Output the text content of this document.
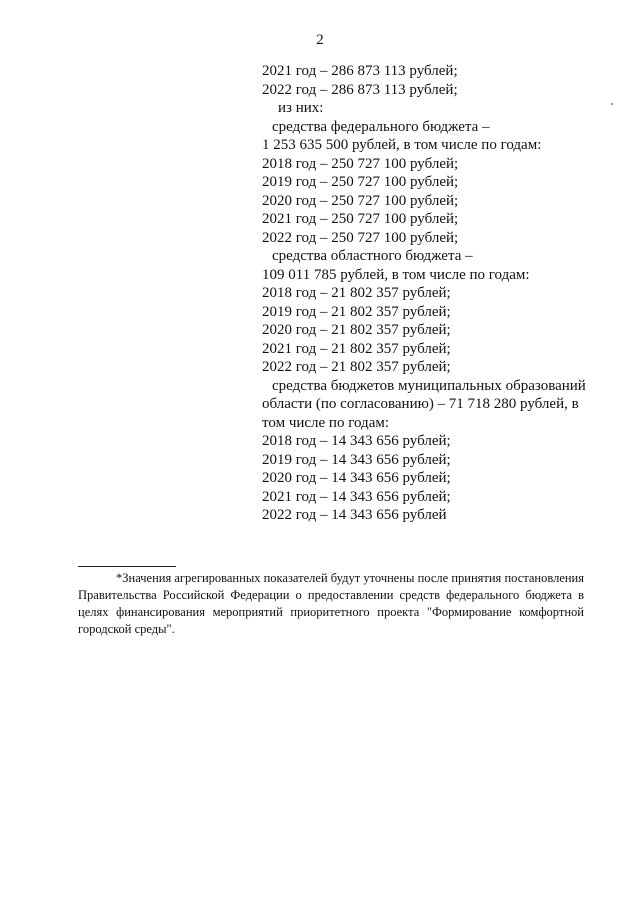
2
2021 год – 286 873 113 рублей;
2022 год – 286 873 113 рублей;
из них:
средства федерального бюджета –
1 253 635 500 рублей, в том числе по годам:
2018 год – 250 727 100 рублей;
2019 год – 250 727 100 рублей;
2020 год – 250 727 100 рублей;
2021 год – 250 727 100 рублей;
2022 год – 250 727 100 рублей;
средства областного бюджета –
109 011 785 рублей, в том числе по годам:
2018 год – 21 802 357 рублей;
2019 год – 21 802 357 рублей;
2020 год – 21 802 357 рублей;
2021 год – 21 802 357 рублей;
2022 год – 21 802 357 рублей;
средства бюджетов муниципальных образований
области (по согласованию) – 71 718 280 рублей, в
том числе по годам:
2018 год – 14 343 656 рублей;
2019 год – 14 343 656 рублей;
2020 год – 14 343 656 рублей;
2021 год – 14 343 656 рублей;
2022 год – 14 343 656 рублей
*Значения агрегированных показателей будут уточнены после принятия постановления Правительства Российской Федерации о предоставлении средств федерального бюджета в целях финансирования мероприятий приоритетного проекта "Формирование комфортной городской среды".
